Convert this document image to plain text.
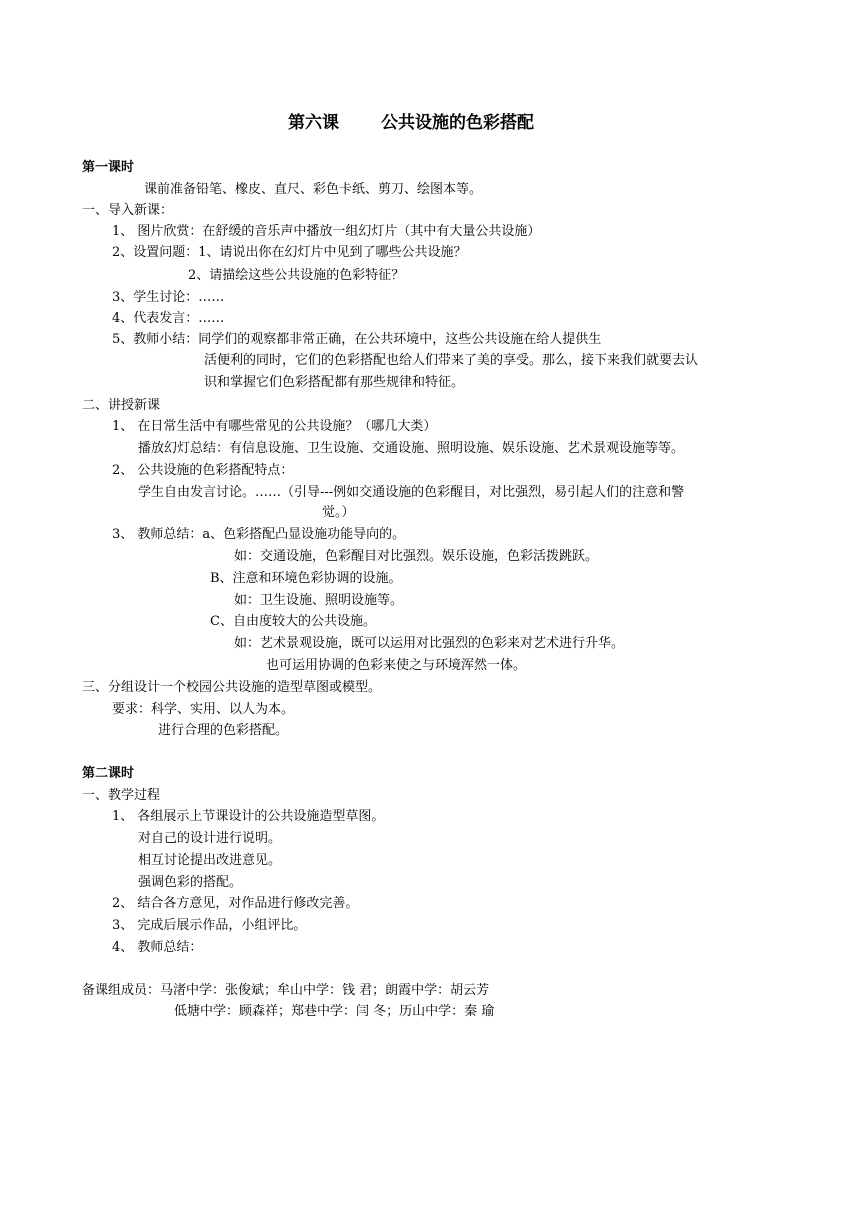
第六课 公共设施的色彩搭配
第一课时
课前准备铅笔、橡皮、直尺、彩色卡纸、剪刀、绘图本等。
一、导入新课：
1、 图片欣赏：在舒缓的音乐声中播放一组幻灯片（其中有大量公共设施）
2、设置问题：1、请说出你在幻灯片中见到了哪些公共设施？
2、请描绘这些公共设施的色彩特征？
3、学生讨论：……
4、代表发言：……
5、教师小结：同学们的观察都非常正确，在公共环境中，这些公共设施在给人提供生
活便利的同时，它们的色彩搭配也给人们带来了美的享受。那么，接下来我们就要去认
识和掌握它们色彩搭配都有那些规律和特征。
二、讲授新课
1、 在日常生活中有哪些常见的公共设施？（哪几大类）
播放幻灯总结：有信息设施、卫生设施、交通设施、照明设施、娱乐设施、艺术景观设施等等。
2、 公共设施的色彩搭配特点：
学生自由发言讨论。……（引导---例如交通设施的色彩醒目，对比强烈，易引起人们的注意和警
觉。）
3、 教师总结：a、色彩搭配凸显设施功能导向的。
如：交通设施，色彩醒目对比强烈。娱乐设施，色彩活拨跳跃。
B、注意和环境色彩协调的设施。
如：卫生设施、照明设施等。
C、自由度较大的公共设施。
如：艺术景观设施，既可以运用对比强烈的色彩来对艺术进行升华。
也可运用协调的色彩来使之与环境浑然一体。
三、分组设计一个校园公共设施的造型草图或模型。
要求：科学、实用、以人为本。
进行合理的色彩搭配。
第二课时
一、教学过程
1、 各组展示上节课设计的公共设施造型草图。
对自己的设计进行说明。
相互讨论提出改进意见。
强调色彩的搭配。
2、 结合各方意见，对作品进行修改完善。
3、 完成后展示作品，小组评比。
4、 教师总结：
备课组成员：马渚中学：张俊斌；牟山中学：钱 君；朗霞中学：胡云芳
低塘中学：顾森祥；郑巷中学：闫 冬；历山中学：秦 瑜
